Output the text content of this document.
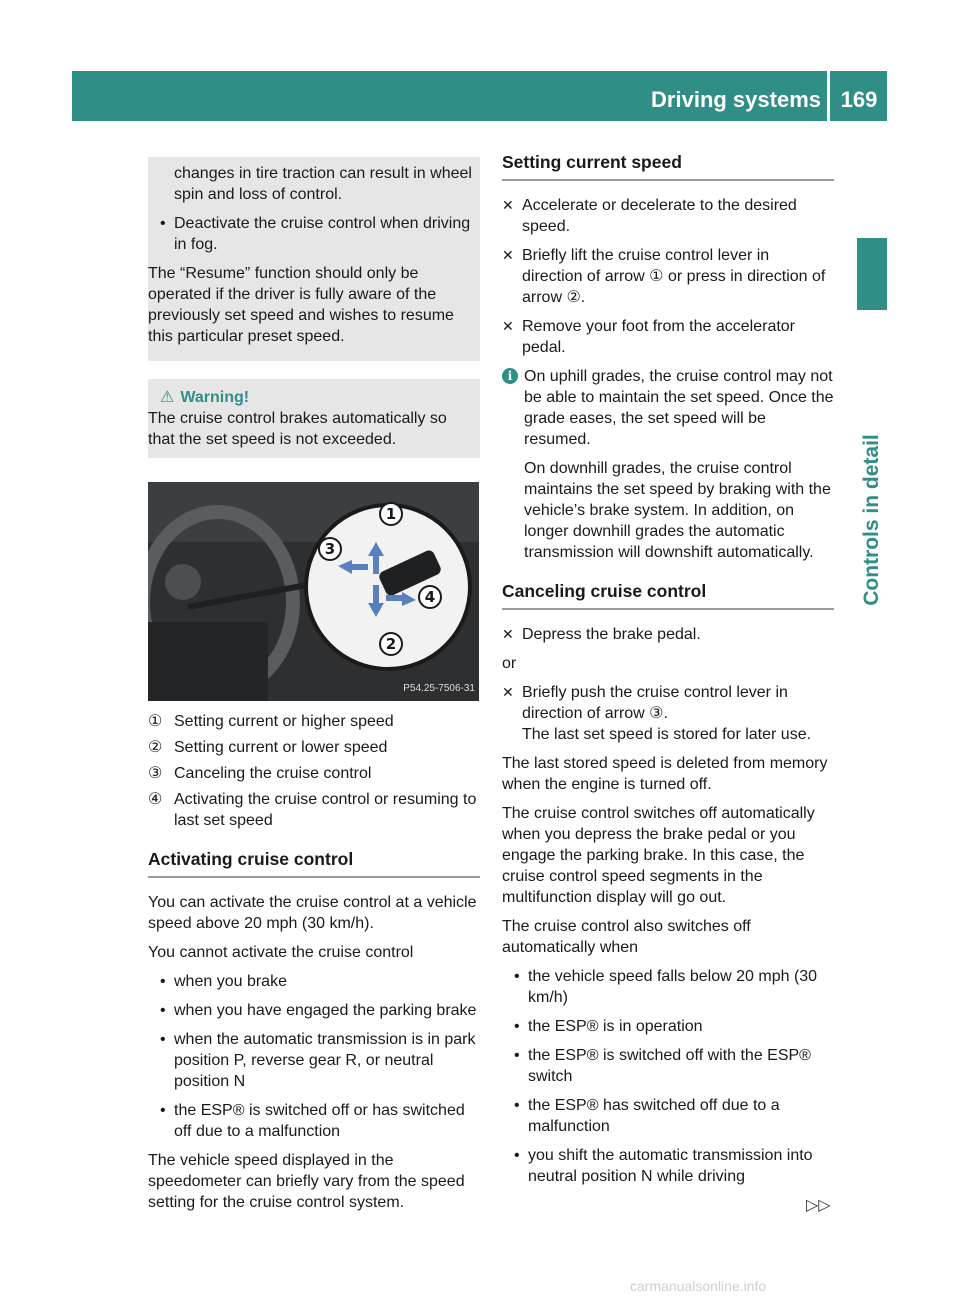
Driving systems 169
Controls in detail

changes in tire traction can result in wheel spin and loss of control.

• Deactivate the cruise control when driving in fog.

The “Resume” function should only be operated if the driver is fully aware of the previously set speed and wishes to resume this particular preset speed.

⚠ Warning!
The cruise control brakes automatically so that the set speed is not exceeded.
1
2
3
4
P54.25-7506-31
① Setting current or higher speed
② Setting current or lower speed
③ Canceling the cruise control
④ Activating the cruise control or resuming to last set speed
Activating cruise control

You can activate the cruise control at a vehicle speed above 20 mph (30 km/h).

You cannot activate the cruise control

• when you brake
• when you have engaged the parking brake
• when the automatic transmission is in park position P, reverse gear R, or neutral position N
• the ESP® is switched off or has switched off due to a malfunction

The vehicle speed displayed in the speedometer can briefly vary from the speed setting for the cruise control system.

Setting current speed
✕ Accelerate or decelerate to the desired speed.
✕ Briefly lift the cruise control lever in direction of arrow ① or press in direction of arrow ②.
✕ Remove your foot from the accelerator pedal.
i On uphill grades, the cruise control may not be able to maintain the set speed. Once the grade eases, the set speed will be resumed.

On downhill grades, the cruise control maintains the set speed by braking with the vehicle’s brake system. In addition, on longer downhill grades the automatic transmission will downshift automatically.

Canceling cruise control
✕ Depress the brake pedal.

or

✕ Briefly push the cruise control lever in direction of arrow ③.
The last set speed is stored for later use.

The last stored speed is deleted from memory when the engine is turned off.

The cruise control switches off automatically when you depress the brake pedal or you engage the parking brake. In this case, the cruise control speed segments in the multifunction display will go out.

The cruise control also switches off automatically when

• the vehicle speed falls below 20 mph (30 km/h)
• the ESP® is in operation
• the ESP® is switched off with the ESP® switch
• the ESP® has switched off due to a malfunction
• you shift the automatic transmission into neutral position N while driving
▷▷
carmanualsonline.info
